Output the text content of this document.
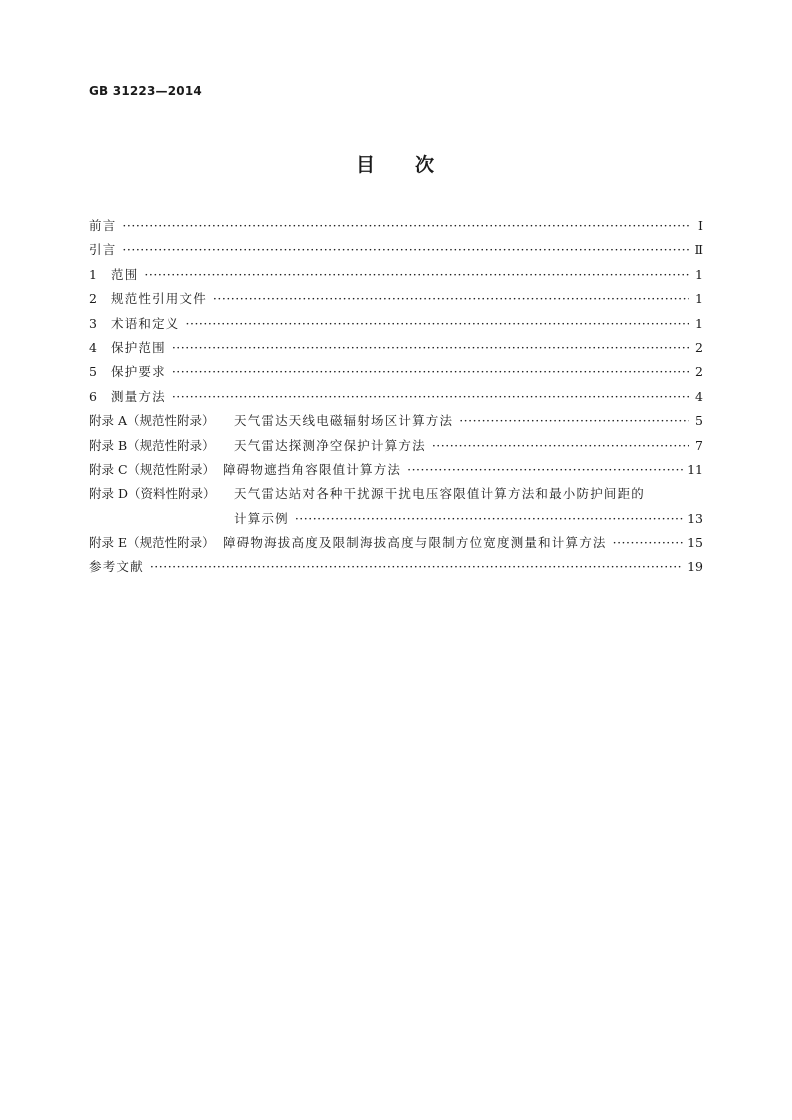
GB 31223—2014
目 次
前言 ·····	Ⅰ
引言 ·····	Ⅱ
1	范围 ·····	1
2	规范性引用文件 ·····	1
3	术语和定义 ·····	1
4	保护范围 ·····	2
5	保护要求 ·····	2
6	测量方法 ·····	4
附录 A（规范性附录）	天气雷达天线电磁辐射场区计算方法 ·····	5
附录 B（规范性附录）	天气雷达探测净空保护计算方法 ·····	7
附录 C（规范性附录） 障碍物遮挡角容限值计算方法 ·····	11
附录 D（资料性附录）	天气雷达站对各种干扰源干扰电压容限值计算方法和最小防护间距的
计算示例 ·····	13
附录 E（规范性附录） 障碍物海拔高度及限制海拔高度与限制方位宽度测量和计算方法 ·····	15
参考文献 ·····	19
